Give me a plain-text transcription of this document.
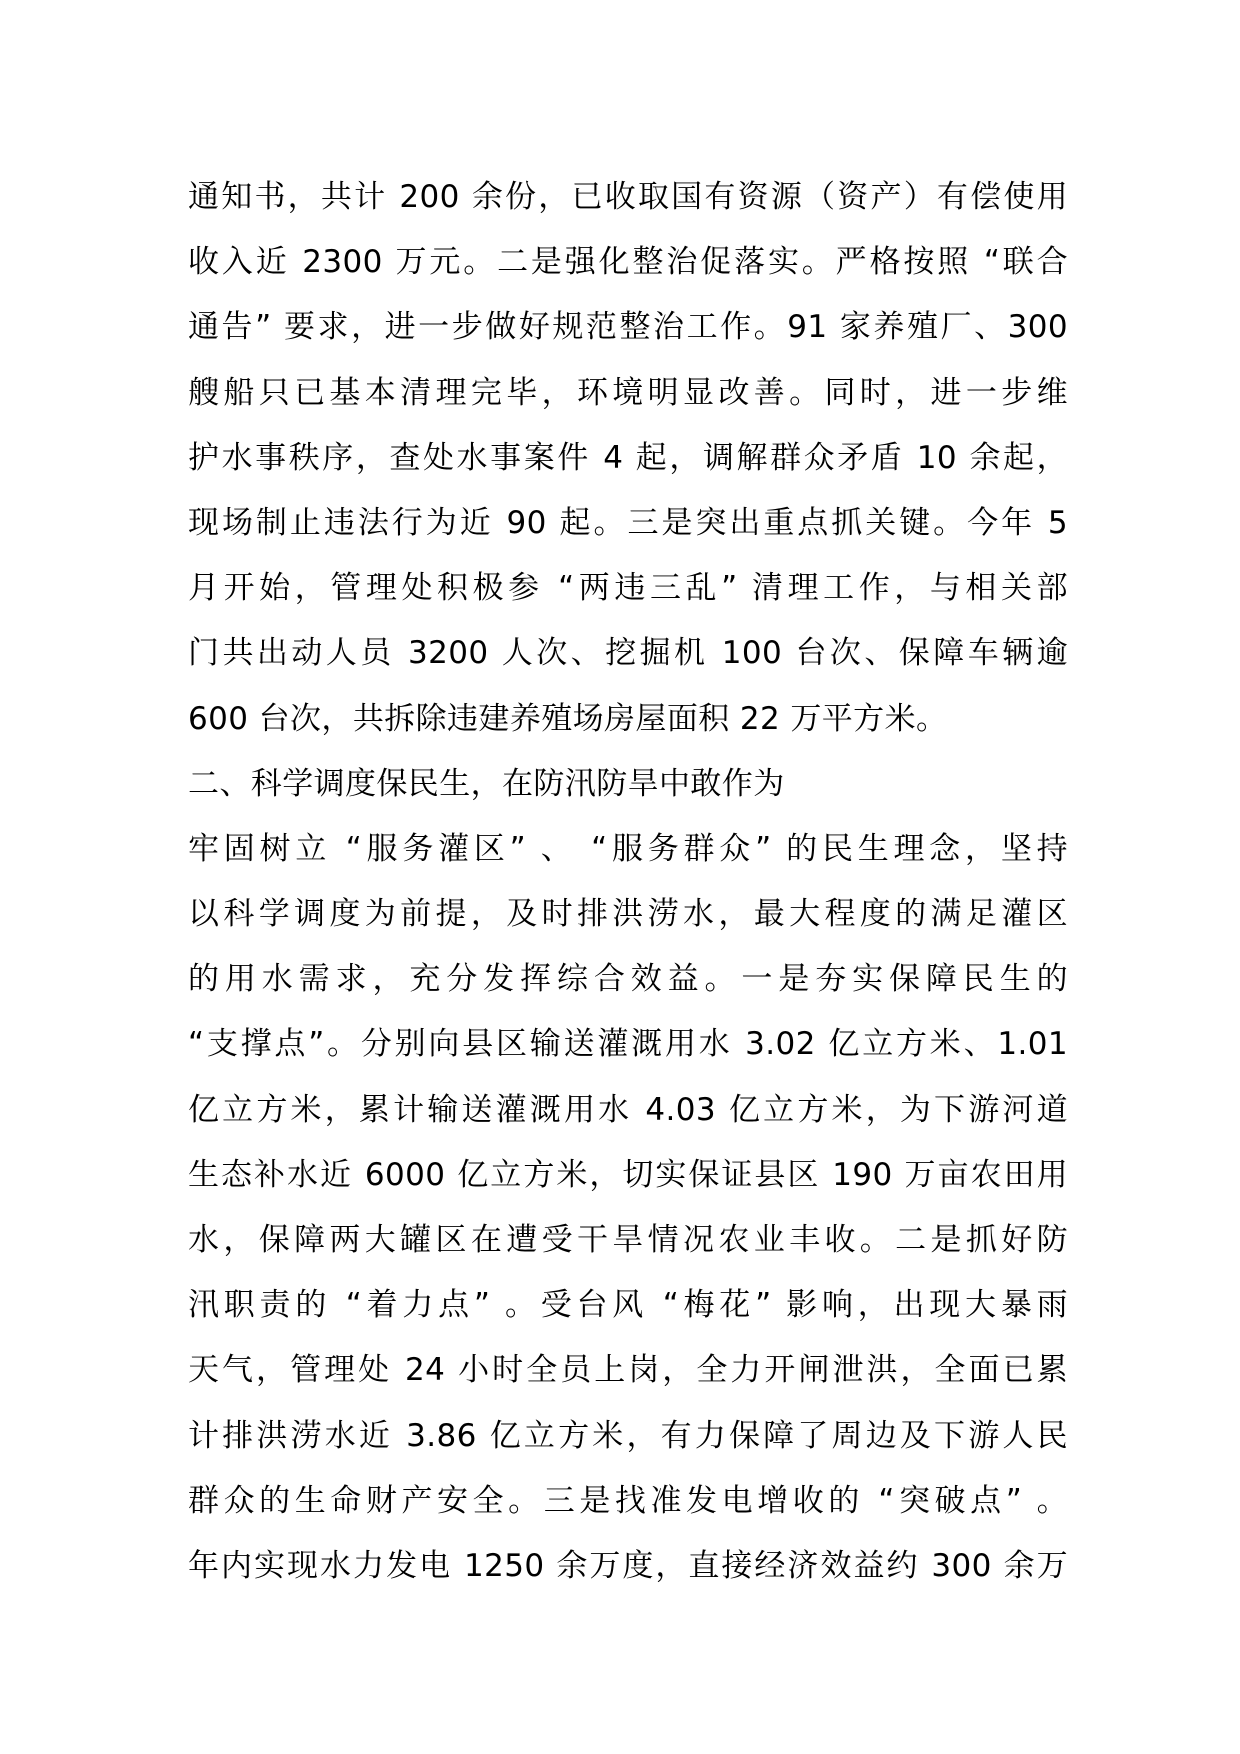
通知书，共计 200 余份，已收取国有资源（资产）有偿使用
收入近 2300 万元。二是强化整治促落实。严格按照 “联合
通告” 要求，进一步做好规范整治工作。91 家养殖厂、300
艘船只已基本清理完毕，环境明显改善。同时，进一步维
护水事秩序，查处水事案件 4 起，调解群众矛盾 10 余起，
现场制止违法行为近 90 起。三是突出重点抓关键。今年 5
月开始，管理处积极参 “两违三乱” 清理工作，与相关部
门共出动人员 3200 人次、挖掘机 100 台次、保障车辆逾
600 台次，共拆除违建养殖场房屋面积 22 万平方米。
二、科学调度保民生，在防汛防旱中敢作为
牢固树立 “服务灌区” 、 “服务群众” 的民生理念，坚持
以科学调度为前提，及时排洪涝水，最大程度的满足灌区
的用水需求，充分发挥综合效益。一是夯实保障民生的
“支撑点”。分别向县区输送灌溉用水 3.02 亿立方米、1.01
亿立方米，累计输送灌溉用水 4.03 亿立方米，为下游河道
生态补水近 6000 亿立方米，切实保证县区 190 万亩农田用
水，保障两大罐区在遭受干旱情况农业丰收。二是抓好防
汛职责的 “着力点” 。受台风 “梅花” 影响，出现大暴雨
天气，管理处 24 小时全员上岗，全力开闸泄洪，全面已累
计排洪涝水近 3.86 亿立方米，有力保障了周边及下游人民
群众的生命财产安全。三是找准发电增收的 “突破点” 。
年内实现水力发电 1250 余万度，直接经济效益约 300 余万
